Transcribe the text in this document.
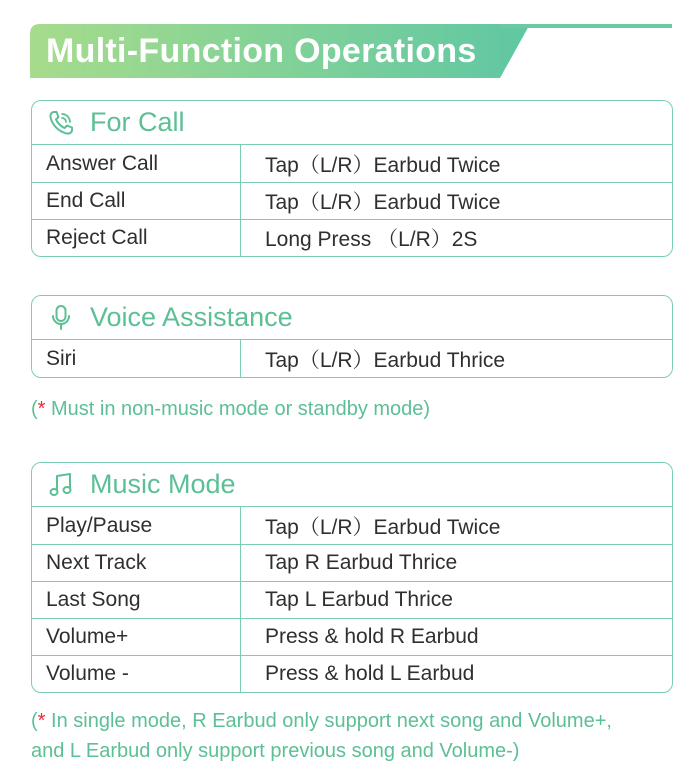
Multi-Function Operations
For Call
Answer Call	Tap（L/R）Earbud Twice
End Call	Tap（L/R）Earbud Twice
Reject Call	Long Press （L/R）2S
Voice Assistance
Siri	Tap（L/R）Earbud Thrice
(* Must in non-music mode or standby mode)
Music Mode
Play/Pause	Tap（L/R）Earbud Twice
Next Track	Tap R Earbud Thrice
Last Song	Tap L Earbud Thrice
Volume+	Press & hold R Earbud
Volume -	Press & hold L Earbud
(* In single mode, R Earbud only support next song and Volume+,
and L Earbud only support previous song and Volume-)
